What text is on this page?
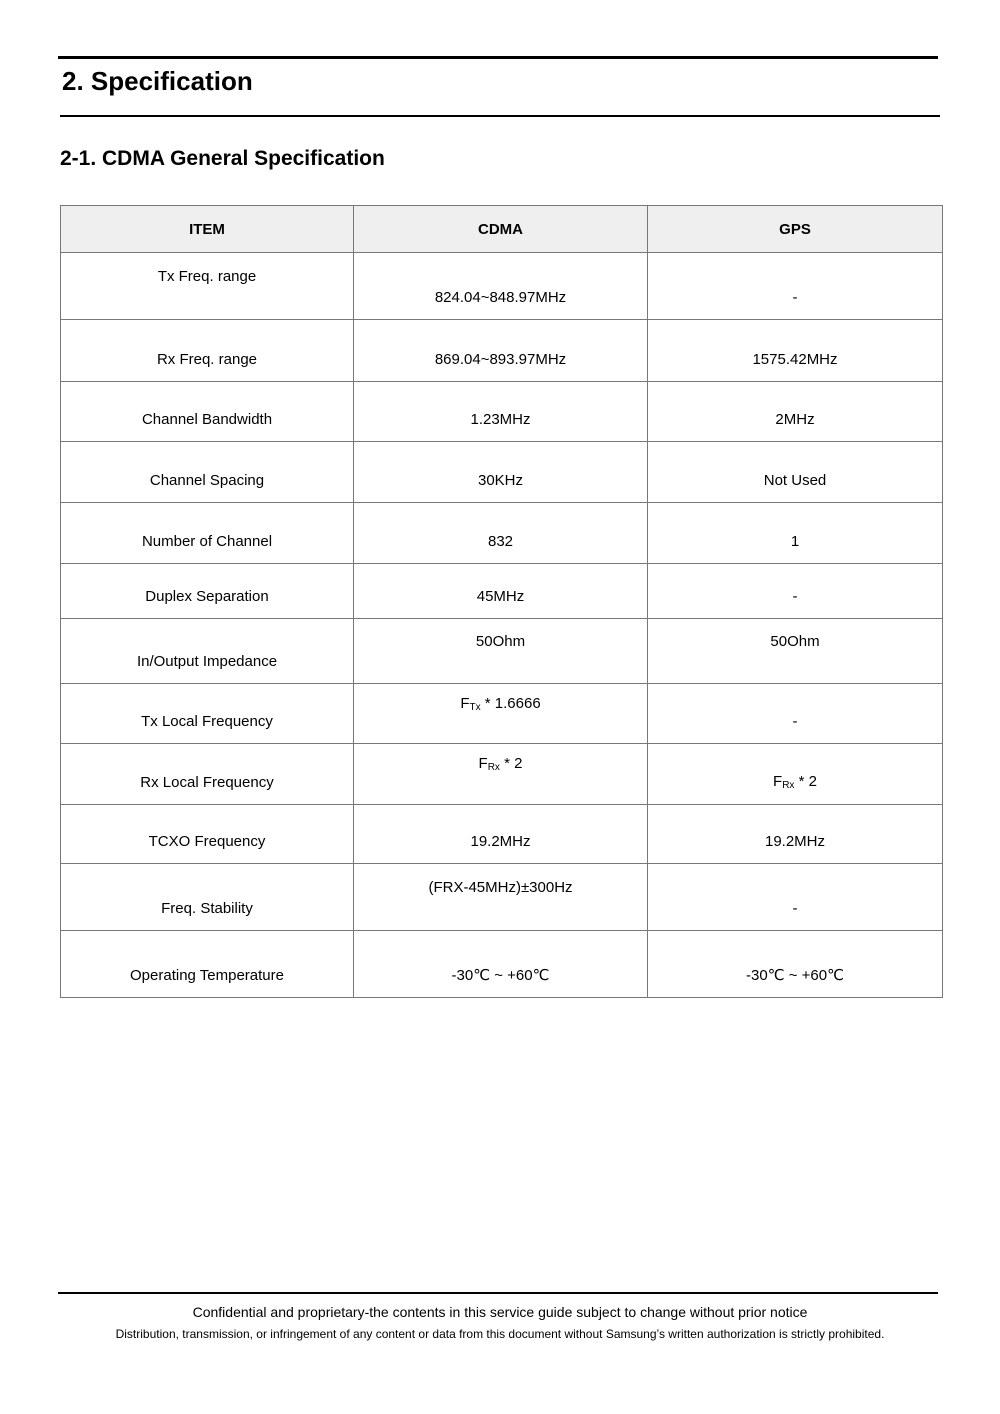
2. Specification
2-1. CDMA General Specification
ITEM	CDMA	GPS

Tx Freq. range	824.04~848.97MHz	-

Rx Freq. range	869.04~893.97MHz	1575.42MHz

Channel Bandwidth	1.23MHz	2MHz

Channel Spacing	30KHz	Not Used

Number of Channel	832	1

Duplex Separation	45MHz	-

In/Output Impedance	50Ohm	50Ohm

Tx Local Frequency	$F_{Tx} * 1.6666$	-

Rx Local Frequency	$F_{Rx} * 2$	$F_{Rx} * 2$

TCXO Frequency	19.2MHz	19.2MHz

Freq. Stability	(FRX-45MHz)±300Hz	-

Operating Temperature	-30℃ ~ +60℃	-30℃ ~ +60℃
Confidential and proprietary-the contents in this service guide subject to change without prior notice
Distribution, transmission, or infringement of any content or data from this document without Samsung’s written authorization is strictly prohibited.
